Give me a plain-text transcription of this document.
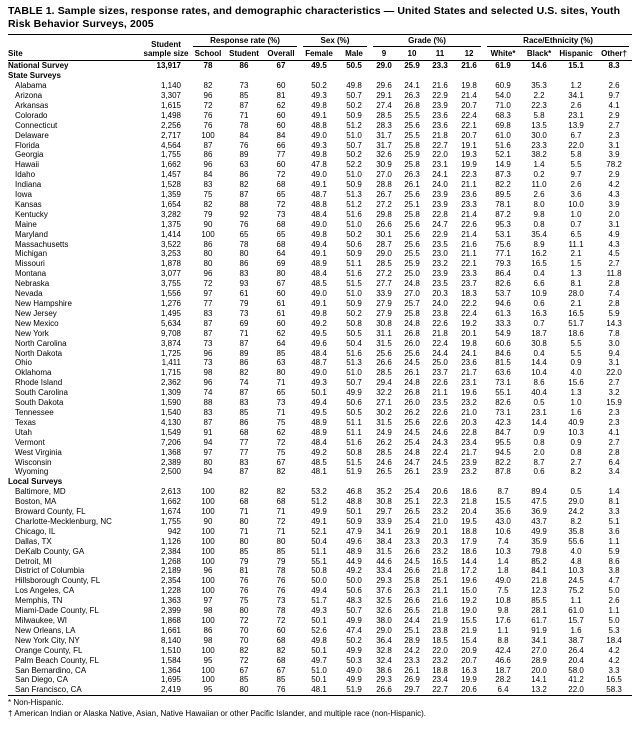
TABLE 1. Sample sizes, response rates, and demographic characteristics — United States and selected U.S. sites, Youth Risk Behavior Surveys, 2005
Site	Student
sample size	Response rate (%)			Sex (%)		Grade (%)				Race/Ethnicity (%)			

		School	Student	Overall	Female	Male	9	10	11	12	White*	Black*	Hispanic	Other†
National Survey	13,917	78	86	67	49.5	50.5	29.0	25.9	23.3	21.6	61.9	14.6	15.1	8.3
State Surveys														
Alabama	1,140	82	73	60	50.2	49.8	29.6	24.1	21.6	19.8	60.9	35.3	1.2	2.6
Arizona	3,307	96	85	81	49.3	50.7	29.1	26.3	22.9	21.4	54.0	2.2	34.1	9.7
Arkansas	1,615	72	87	62	49.8	50.2	27.4	26.8	23.9	20.7	71.0	22.3	2.6	4.1
Colorado	1,498	76	71	60	49.1	50.9	28.5	25.5	23.6	22.4	68.3	5.8	23.1	2.9
Connecticut	2,256	76	78	60	48.8	51.2	28.3	25.6	23.6	22.1	69.8	13.5	13.9	2.7
Delaware	2,717	100	84	84	49.0	51.0	31.7	25.5	21.8	20.7	61.0	30.0	6.7	2.3
Florida	4,564	87	76	66	49.3	50.7	31.7	25.8	22.7	19.1	51.6	23.3	22.0	3.1
Georgia	1,755	86	89	77	49.8	50.2	32.6	25.9	22.0	19.3	52.1	38.2	5.8	3.9
Hawaii	1,662	96	63	60	47.8	52.2	30.9	25.8	23.1	19.9	14.9	1.4	5.5	78.2
Idaho	1,457	84	86	72	49.0	51.0	27.0	26.3	24.1	22.3	87.3	0.2	9.7	2.9
Indiana	1,528	83	82	68	49.1	50.9	28.8	26.1	24.0	21.1	82.2	11.0	2.6	4.2
Iowa	1,359	75	87	65	48.7	51.3	26.7	25.6	23.9	23.6	89.5	2.6	3.6	4.3
Kansas	1,654	82	88	72	48.8	51.2	27.2	25.1	23.9	23.3	78.1	8.0	10.0	3.9
Kentucky	3,282	79	92	73	48.4	51.6	29.8	25.8	22.8	21.4	87.2	9.8	1.0	2.0
Maine	1,375	90	76	68	49.0	51.0	26.6	25.6	24.7	22.6	95.3	0.8	0.7	3.1
Maryland	1,414	100	65	65	49.8	50.2	30.1	25.6	22.9	21.4	53.1	35.4	6.5	4.9
Massachusetts	3,522	86	78	68	49.4	50.6	28.7	25.6	23.5	21.6	75.6	8.9	11.1	4.3
Michigan	3,253	80	80	64	49.1	50.9	29.0	25.5	23.0	21.1	77.1	16.2	2.1	4.5
Missouri	1,878	80	86	69	48.9	51.1	28.5	25.9	23.2	22.1	79.3	16.5	1.5	2.7
Montana	3,077	96	83	80	48.4	51.6	27.2	25.0	23.9	23.3	86.4	0.4	1.3	11.8
Nebraska	3,755	72	93	67	48.5	51.5	27.7	24.8	23.5	23.7	82.6	6.6	8.1	2.8
Nevada	1,556	97	61	60	49.0	51.0	33.9	27.0	20.3	18.3	53.7	10.9	28.0	7.4
New Hampshire	1,276	77	79	61	49.1	50.9	27.9	25.7	24.0	22.2	94.6	0.6	2.1	2.8
New Jersey	1,495	83	73	61	49.8	50.2	27.9	25.8	23.8	22.4	61.3	16.3	16.5	5.9
New Mexico	5,634	87	69	60	49.2	50.8	30.8	24.8	22.6	19.2	33.3	0.7	51.7	14.3
New York	9,708	87	71	62	49.5	50.5	31.1	26.8	21.8	20.1	54.9	18.7	18.6	7.8
North Carolina	3,874	73	87	64	49.6	50.4	31.5	26.0	22.4	19.8	60.6	30.8	5.5	3.0
North Dakota	1,725	96	89	85	48.4	51.6	25.6	25.6	24.4	24.1	84.6	0.4	5.5	9.4
Ohio	1,411	73	86	63	48.7	51.3	26.6	24.5	25.0	23.6	81.5	14.4	0.9	3.1
Oklahoma	1,715	98	82	80	49.0	51.0	28.5	26.1	23.7	21.7	63.6	10.4	4.0	22.0
Rhode Island	2,362	96	74	71	49.3	50.7	29.4	24.8	22.6	23.1	73.1	8.6	15.6	2.7
South Carolina	1,309	74	87	65	50.1	49.9	32.2	26.8	21.1	19.6	55.1	40.4	1.3	3.2
South Dakota	1,590	88	83	73	49.4	50.6	27.1	26.0	23.5	23.2	82.6	0.5	1.0	15.9
Tennessee	1,540	83	85	71	49.5	50.5	30.2	26.2	22.6	21.0	73.1	23.1	1.6	2.3
Texas	4,130	87	86	75	48.9	51.1	31.5	25.6	22.6	20.3	42.3	14.4	40.9	2.3
Utah	1,549	91	68	62	48.9	51.1	24.9	24.5	24.6	22.8	84.7	0.9	10.3	4.1
Vermont	7,206	94	77	72	48.4	51.6	26.2	25.4	24.3	23.4	95.5	0.8	0.9	2.7
West Virginia	1,368	97	77	75	49.2	50.8	28.5	24.8	22.4	21.7	94.5	2.0	0.8	2.8
Wisconsin	2,389	80	83	67	48.5	51.5	24.6	24.7	24.5	23.9	82.2	8.7	2.7	6.4
Wyoming	2,500	94	87	82	48.1	51.9	26.5	26.1	23.9	23.2	87.8	0.6	8.2	3.4
Local Surveys														
Baltimore, MD	2,613	100	82	82	53.2	46.8	35.2	25.4	20.6	18.6	8.7	89.4	0.5	1.4
Boston, MA	1,662	100	68	68	51.2	48.8	30.8	25.1	22.3	21.8	15.5	47.5	29.0	8.1
Broward County, FL	1,674	100	71	71	49.9	50.1	29.7	26.5	23.2	20.4	35.6	36.9	24.2	3.3
Charlotte-Mecklenburg, NC	1,755	90	80	72	49.1	50.9	33.9	25.4	21.0	19.5	43.0	43.7	8.2	5.1
Chicago, IL	942	100	71	71	52.1	47.9	34.1	26.9	20.1	18.8	10.6	49.9	35.8	3.6
Dallas, TX	1,126	100	80	80	50.4	49.6	38.4	23.3	20.3	17.9	7.4	35.9	55.6	1.1
DeKalb County, GA	2,384	100	85	85	51.1	48.9	31.5	26.6	23.2	18.6	10.3	79.8	4.0	5.9
Detroit, MI	1,268	100	79	79	55.1	44.9	44.6	24.5	16.5	14.4	1.4	85.2	4.8	8.6
District of Columbia	2,189	96	81	78	50.8	49.2	33.4	26.6	21.8	17.2	1.8	84.1	10.3	3.8
Hillsborough County, FL	2,354	100	76	76	50.0	50.0	29.3	25.8	25.1	19.6	49.0	21.8	24.5	4.7
Los Angeles, CA	1,228	100	76	76	49.4	50.6	37.6	26.3	21.1	15.0	7.5	12.3	75.2	5.0
Memphis, TN	1,363	97	75	73	51.7	48.3	32.5	26.6	21.6	19.2	10.8	85.5	1.1	2.6
Miami-Dade County, FL	2,399	98	80	78	49.3	50.7	32.6	26.5	21.8	19.0	9.8	28.1	61.0	1.1
Milwaukee, WI	1,868	100	72	72	50.1	49.9	38.0	24.4	21.9	15.5	17.6	61.7	15.7	5.0
New Orleans, LA	1,661	86	70	60	52.6	47.4	29.0	25.1	23.8	21.9	1.1	91.9	1.6	5.3
New York City, NY	8,140	98	70	68	49.8	50.2	36.4	28.9	18.5	15.4	8.8	34.1	38.7	18.4
Orange County, FL	1,510	100	82	82	50.1	49.9	32.8	24.2	22.0	20.9	42.4	27.0	26.4	4.2
Palm Beach County, FL	1,584	95	72	68	49.7	50.3	32.4	23.3	23.2	20.7	46.6	28.9	20.4	4.2
San Bernardino, CA	1,364	100	67	67	51.0	49.0	38.6	26.1	18.8	16.3	18.7	20.0	58.0	3.3
San Diego, CA	1,695	100	85	85	50.1	49.9	29.3	26.9	23.4	19.9	28.2	14.1	41.2	16.5
San Francisco, CA	2,419	95	80	76	48.1	51.9	26.6	29.7	22.7	20.6	6.4	13.2	22.0	58.3
* Non-Hispanic.
† American Indian or Alaska Native, Asian, Native Hawaiian or other Pacific Islander, and multiple race (non-Hispanic).
